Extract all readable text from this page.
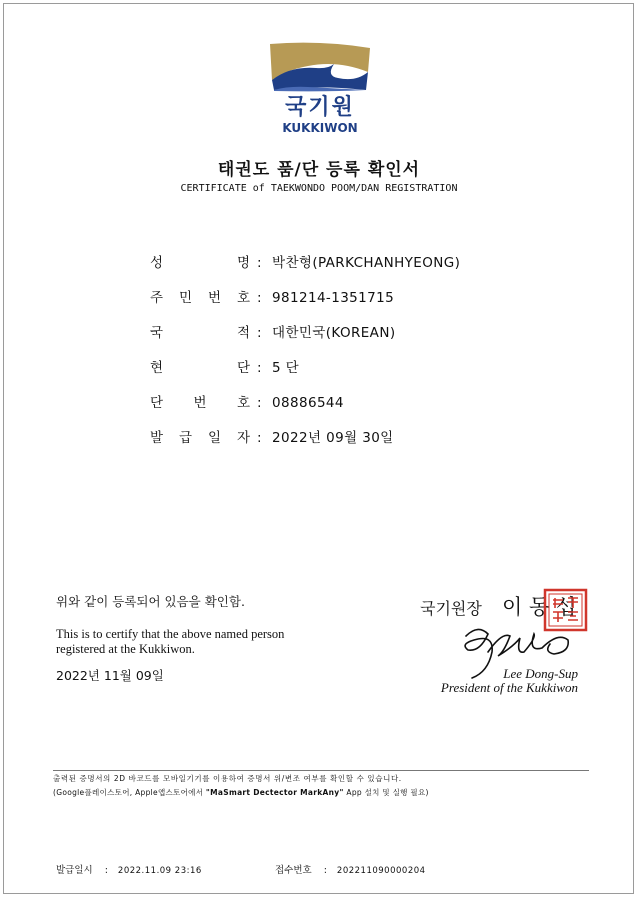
국기원
KUKKIWON
태권도 품/단 등록 확인서
CERTIFICATE of TAEKWONDO POOM/DAN REGISTRATION
성	명 : 박찬형(PARKCHANHYEONG)
주 민 번 호 : 981214-1351715
국	적 : 대한민국(KOREAN)
현	단 : 5 단
단 번 호 : 08886544
발 급 일 자 : 2022년 09월 30일
위와 같이 등록되어 있음을 확인함.
This is to certify that the above named person
registered at the Kukkiwon.
2022년 11월 09일
국기원장 이 동 섭
Lee Dong-Sup
President of the Kukkiwon
출력된 증명서의 2D 바코드를 모바일기기를 이용하여 증명서 위/변조 여부를 확인할 수 있습니다.
(Google플레이스토어, Apple앱스토어에서 "MaSmart Dectector MarkAny" App 설치 및 실행 필요)
발급일시 : 2022.11.09 23:16	접수번호 : 202211090000204
